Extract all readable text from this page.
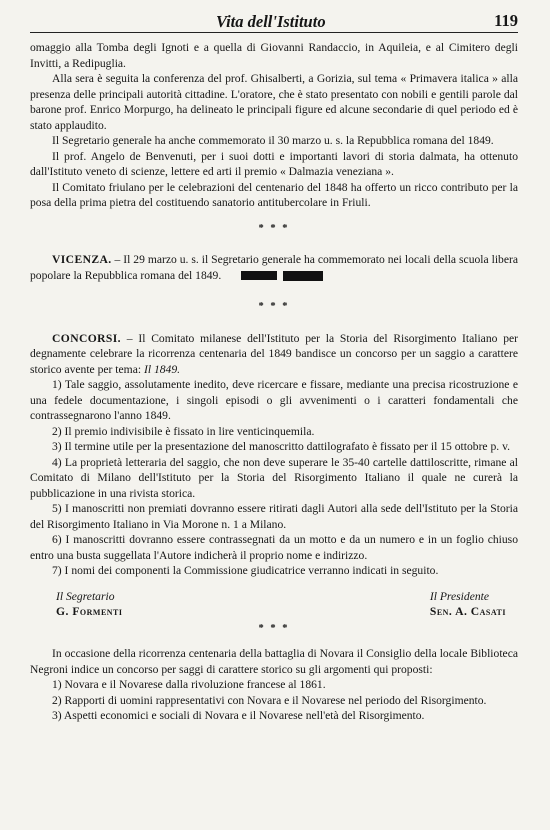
Vita dell'Istituto	119

omaggio alla Tomba degli Ignoti e a quella di Giovanni Randaccio, in Aquileia, e al Cimitero degli Invitti, a Redipuglia.

Alla sera è seguita la conferenza del prof. Ghisalberti, a Gorizia, sul tema « Primavera italica » alla presenza delle principali autorità cittadine. L'oratore, che è stato presentato con nobili e gentili parole dal barone prof. Enrico Morpurgo, ha delineato le principali figure ed alcune secondarie di quel periodo ed è stato applaudito.

Il Segretario generale ha anche commemorato il 30 marzo u. s. la Repubblica romana del 1849.

Il prof. Angelo de Benvenuti, per i suoi dotti e importanti lavori di storia dalmata, ha ottenuto dall'Istituto veneto di scienze, lettere ed arti il premio « Dalmazia veneziana ».

Il Comitato friulano per le celebrazioni del centenario del 1848 ha offerto un ricco contributo per la posa della prima pietra del costituendo sanatorio antitubercolare in Friuli.

* * *

VICENZA. – Il 29 marzo u. s. il Segretario generale ha commemorato nei locali della scuola libera popolare la Repubblica romana del 1849.

* * *

CONCORSI. – Il Comitato milanese dell'Istituto per la Storia del Risorgimento Italiano per degnamente celebrare la ricorrenza centenaria del 1849 bandisce un concorso per un saggio a carattere storico avente per tema: Il 1849.

1) Tale saggio, assolutamente inedito, deve ricercare e fissare, mediante una precisa ricostruzione e una fedele documentazione, i singoli episodi o gli avvenimenti o i caratteri fondamentali che contrassegnarono l'anno 1849.

2) Il premio indivisibile è fissato in lire venticinquemila.

3) Il termine utile per la presentazione del manoscritto dattilografato è fissato per il 15 ottobre p. v.

4) La proprietà letteraria del saggio, che non deve superare le 35-40 cartelle dattiloscritte, rimane al Comitato di Milano dell'Istituto per la Storia del Risorgimento Italiano il quale ne curerà la pubblicazione in una rivista storica.

5) I manoscritti non premiati dovranno essere ritirati dagli Autori alla sede dell'Istituto per la Storia del Risorgimento Italiano in Via Morone n. 1 a Milano.

6) I manoscritti dovranno essere contrassegnati da un motto e da un numero e in un foglio chiuso entro una busta suggellata l'Autore indicherà il proprio nome e indirizzo.

7) I nomi dei componenti la Commissione giudicatrice verranno indicati in seguito.

Il Segretario
G. Formenti
Il Presidente
Sen. A. Casati
* * *

In occasione della ricorrenza centenaria della battaglia di Novara il Consiglio della locale Biblioteca Negroni indice un concorso per saggi di carattere storico su gli argomenti qui proposti:

1) Novara e il Novarese dalla rivoluzione francese al 1861.

2) Rapporti di uomini rappresentativi con Novara e il Novarese nel periodo del Risorgimento.

3) Aspetti economici e sociali di Novara e il Novarese nell'età del Risorgimento.
